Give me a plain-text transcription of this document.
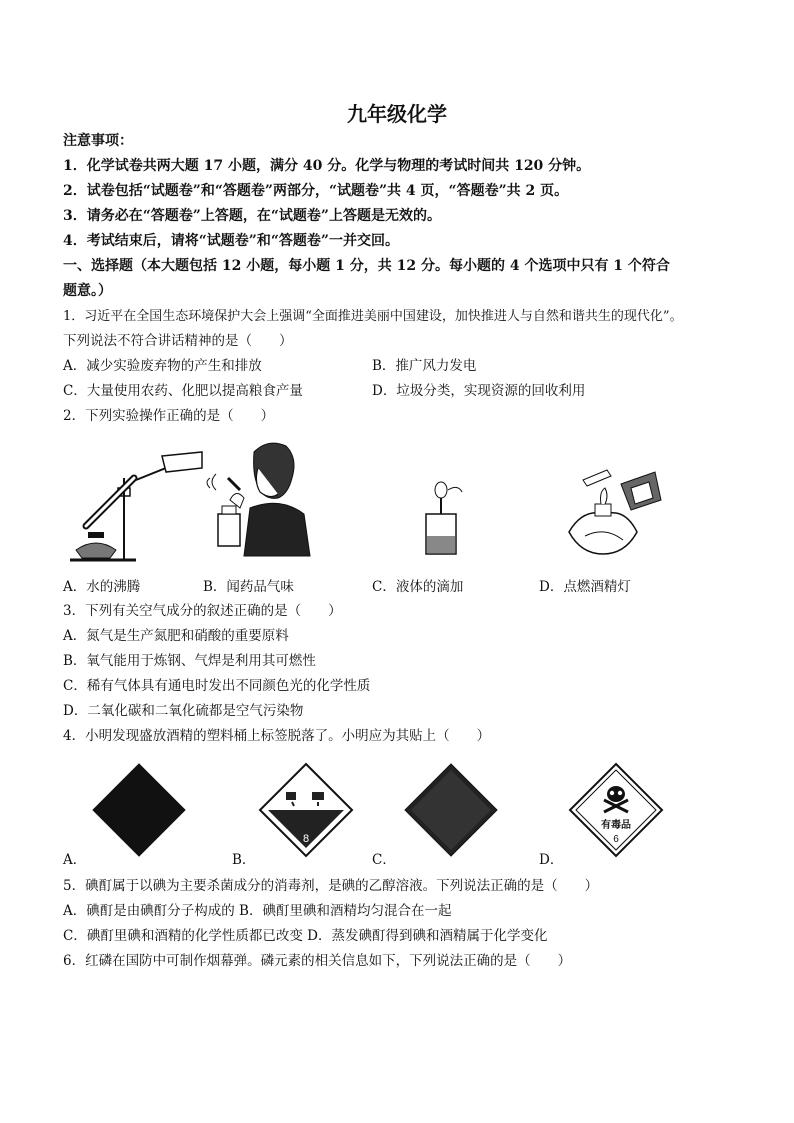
九年级化学
注意事项：
1．化学试卷共两大题 17 小题，满分 40 分。化学与物理的考试时间共 120 分钟。
2．试卷包括“试题卷”和“答题卷”两部分，“试题卷”共 4 页，“答题卷”共 2 页。
3．请务必在“答题卷”上答题，在“试题卷”上答题是无效的。
4．考试结束后，请将“试题卷”和“答题卷”一并交回。
一、选择题（本大题包括 12 小题，每小题 1 分，共 12 分。每小题的 4 个选项中只有 1 个符合
题意。）
1．习近平在全国生态环境保护大会上强调“全面推进美丽中国建设，加快推进人与自然和谐共生的现代化”。
下列说法不符合讲话精神的是（　　）
A．减少实验废弃物的产生和排放	B．推广风力发电
C．大量使用农药、化肥以提高粮食产量	D．垃圾分类，实现资源的回收利用
2．下列实验操作正确的是（　　）
A．水的沸腾	B．闻药品气味	C．液体的滴加	D．点燃酒精灯
3．下列有关空气成分的叙述正确的是（　　）
A．氮气是生产氮肥和硝酸的重要原料
B．氧气能用于炼钢、气焊是利用其可燃性
C．稀有气体具有通电时发出不同颜色光的化学性质
D．二氧化碳和二氧化硫都是空气污染物
4．小明发现盛放酒精的塑料桶上标签脱落了。小明应为其贴上（　　）
8
有毒品
6
A．	B．	C．	D．
5．碘酊属于以碘为主要杀菌成分的消毒剂，是碘的乙醇溶液。下列说法正确的是（　　）
A．碘酊是由碘酊分子构成的 B．碘酊里碘和酒精均匀混合在一起
C．碘酊里碘和酒精的化学性质都已改变 D．蒸发碘酊得到碘和酒精属于化学变化
6．红磷在国防中可制作烟幕弹。磷元素的相关信息如下，下列说法正确的是（　　）
